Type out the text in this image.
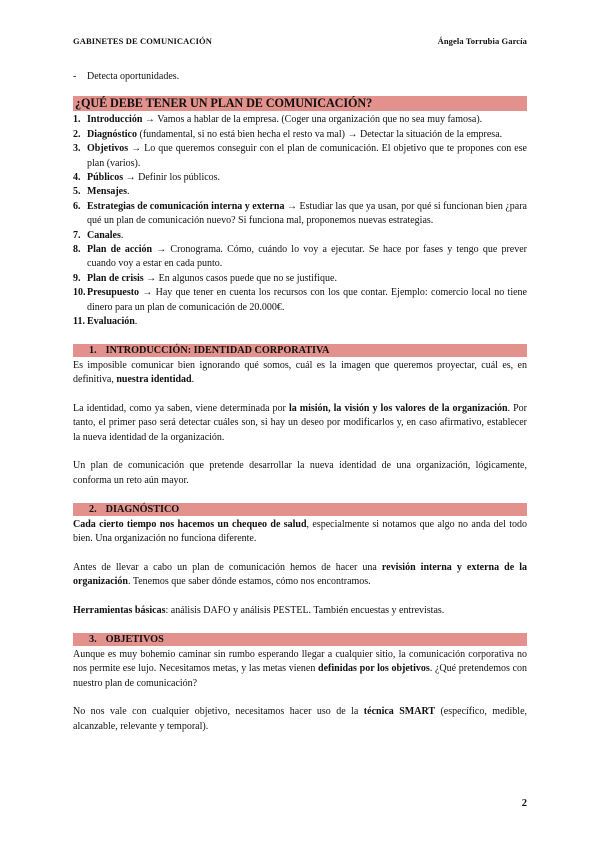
GABINETES DE COMUNICACIÓN	Ángela Torrubia García
-	Detecta oportunidades.
¿QUÉ DEBE TENER UN PLAN DE COMUNICACIÓN?
1. Introducción → Vamos a hablar de la empresa. (Coger una organización que no sea muy famosa).
2. Diagnóstico (fundamental, si no está bien hecha el resto va mal) → Detectar la situación de la empresa.
3. Objetivos → Lo que queremos conseguir con el plan de comunicación. El objetivo que te propones con ese plan (varios).
4. Públicos → Definir los públicos.
5. Mensajes.
6. Estrategias de comunicación interna y externa → Estudiar las que ya usan, por qué si funcionan bien ¿para qué un plan de comunicación nuevo? Si funciona mal, proponemos nuevas estrategias.
7. Canales.
8. Plan de acción → Cronograma. Cómo, cuándo lo voy a ejecutar. Se hace por fases y tengo que prever cuando voy a estar en cada punto.
9. Plan de crisis → En algunos casos puede que no se justifique.
10. Presupuesto → Hay que tener en cuenta los recursos con los que contar. Ejemplo: comercio local no tiene dinero para un plan de comunicación de 20.000€.
11. Evaluación.
1. INTRODUCCIÓN: IDENTIDAD CORPORATIVA

Es imposible comunicar bien ignorando qué somos, cuál es la imagen que queremos proyectar, cuál es, en definitiva, nuestra identidad.

La identidad, como ya saben, viene determinada por la misión, la visión y los valores de la organización. Por tanto, el primer paso será detectar cuáles son, si hay un deseo por modificarlos y, en caso afirmativo, establecer la nueva identidad de la organización.

Un plan de comunicación que pretende desarrollar la nueva identidad de una organización, lógicamente, conforma un reto aún mayor.

2. DIAGNÓSTICO

Cada cierto tiempo nos hacemos un chequeo de salud, especialmente si notamos que algo no anda del todo bien. Una organización no funciona diferente.

Antes de llevar a cabo un plan de comunicación hemos de hacer una revisión interna y externa de la organización. Tenemos que saber dónde estamos, cómo nos encontramos.

Herramientas básicas: análisis DAFO y análisis PESTEL. También encuestas y entrevistas.

3. OBJETIVOS

Aunque es muy bohemio caminar sin rumbo esperando llegar a cualquier sitio, la comunicación corporativa no nos permite ese lujo. Necesitamos metas, y las metas vienen definidas por los objetivos. ¿Qué pretendemos con nuestro plan de comunicación?

No nos vale con cualquier objetivo, necesitamos hacer uso de la técnica SMART (específico, medible, alcanzable, relevante y temporal).

2
